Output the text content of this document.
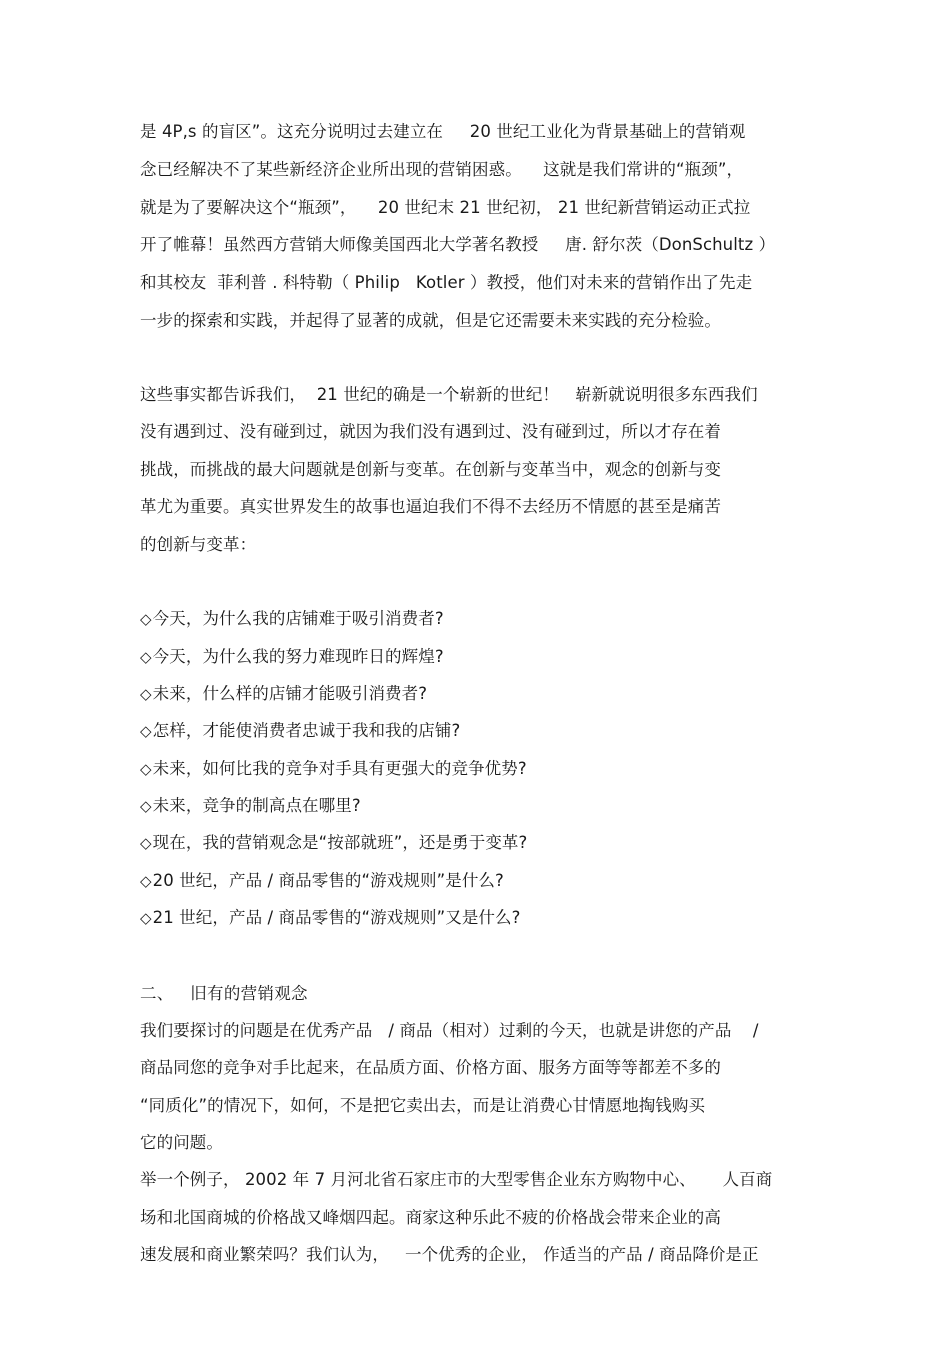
是 4P,s 的盲区”。这充分说明过去建立在     20 世纪工业化为背景基础上的营销观
念已经解决不了某些新经济企业所出现的营销困惑。    这就是我们常讲的“瓶颈”，
就是为了要解决这个“瓶颈”，    20 世纪末 21 世纪初， 21 世纪新营销运动正式拉
开了帷幕！虽然西方营销大师像美国西北大学著名教授     唐. 舒尔茨（DonSchultz ）
和其校友  菲利普 . 科特勒（ Philip   Kotler ）教授，他们对未来的营销作出了先走
一步的探索和实践，并起得了显著的成就，但是它还需要未来实践的充分检验。
这些事实都告诉我们，  21 世纪的确是一个崭新的世纪！   崭新就说明很多东西我们
没有遇到过、没有碰到过，就因为我们没有遇到过、没有碰到过，所以才存在着
挑战，而挑战的最大问题就是创新与变革。在创新与变革当中，观念的创新与变
革尤为重要。真实世界发生的故事也逼迫我们不得不去经历不情愿的甚至是痛苦
的创新与变革：
◇今天，为什么我的店铺难于吸引消费者?
◇今天，为什么我的努力难现昨日的辉煌?
◇未来，什么样的店铺才能吸引消费者?
◇怎样，才能使消费者忠诚于我和我的店铺?
◇未来，如何比我的竞争对手具有更强大的竞争优势?
◇未来，竞争的制高点在哪里?
◇现在，我的营销观念是“按部就班”，还是勇于变革?
◇20 世纪，产品 / 商品零售的“游戏规则”是什么?
◇21 世纪，产品 / 商品零售的“游戏规则”又是什么?
二、   旧有的营销观念
我们要探讨的问题是在优秀产品   / 商品（相对）过剩的今天，也就是讲您的产品    /
商品同您的竞争对手比起来，在品质方面、价格方面、服务方面等等都差不多的
“同质化”的情况下，如何，不是把它卖出去，而是让消费心甘情愿地掏钱购买
它的问题。
举一个例子， 2002 年 7 月河北省石家庄市的大型零售企业东方购物中心、     人百商
场和北国商城的价格战又峰烟四起。商家这种乐此不疲的价格战会带来企业的高
速发展和商业繁荣吗？我们认为，   一个优秀的企业， 作适当的产品 / 商品降价是正
